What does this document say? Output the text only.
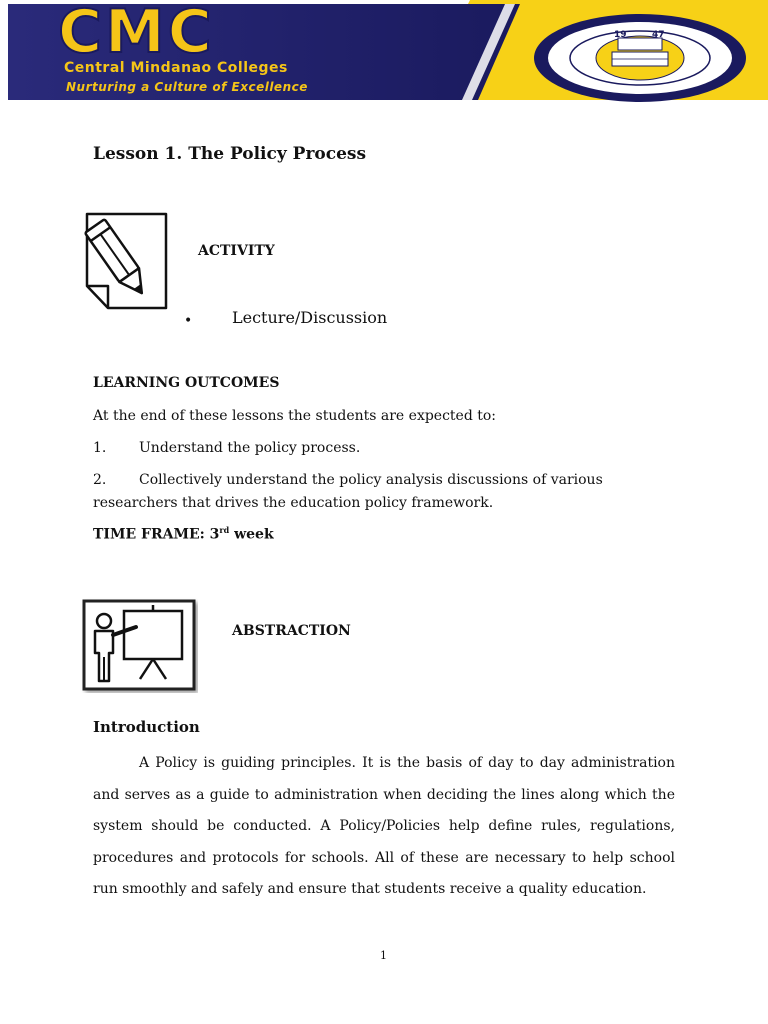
CMC
Central Mindanao Colleges
Nurturing a Culture of Excellence
19	47

Lesson 1. The Policy Process

ACTIVITY

• Lecture/Discussion

LEARNING OUTCOMES

At the end of these lessons the students are expected to:

1. Understand the policy process.

2. Collectively understand the policy analysis discussions of various

researchers that drives the education policy framework.

TIME FRAME: 3rd week

ABSTRACTION

Introduction

A Policy is guiding principles. It is the basis of day to day administration and serves as a guide to administration when deciding the lines along which the system should be conducted. A Policy/Policies help define rules, regulations, procedures and protocols for schools. All of these are necessary to help school run smoothly and safely and ensure that students receive a quality education.

1
